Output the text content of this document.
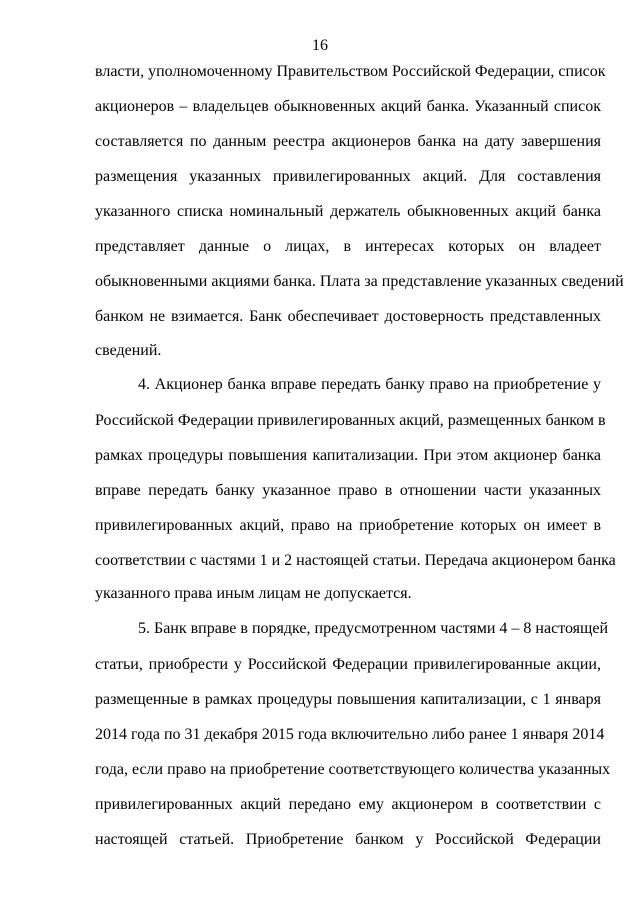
16
власти, уполномоченному Правительством Российской Федерации, список
акционеров – владельцев обыкновенных акций банка. Указанный список
составляется по данным реестра акционеров банка на дату завершения
размещения указанных привилегированных акций. Для составления
указанного списка номинальный держатель обыкновенных акций банка
представляет данные о лицах, в интересах которых он владеет
обыкновенными акциями банка. Плата за представление указанных сведений
банком не взимается. Банк обеспечивает достоверность представленных
сведений.
4. Акционер банка вправе передать банку право на приобретение у
Российской Федерации привилегированных акций, размещенных банком в
рамках процедуры повышения капитализации. При этом акционер банка
вправе передать банку указанное право в отношении части указанных
привилегированных акций, право на приобретение которых он имеет в
соответствии с частями 1 и 2 настоящей статьи. Передача акционером банка
указанного права иным лицам не допускается.
5. Банк вправе в порядке, предусмотренном частями 4 – 8 настоящей
статьи, приобрести у Российской Федерации привилегированные акции,
размещенные в рамках процедуры повышения капитализации, с 1 января
2014 года по 31 декабря 2015 года включительно либо ранее 1 января 2014
года, если право на приобретение соответствующего количества указанных
привилегированных акций передано ему акционером в соответствии с
настоящей статьей. Приобретение банком у Российской Федерации
